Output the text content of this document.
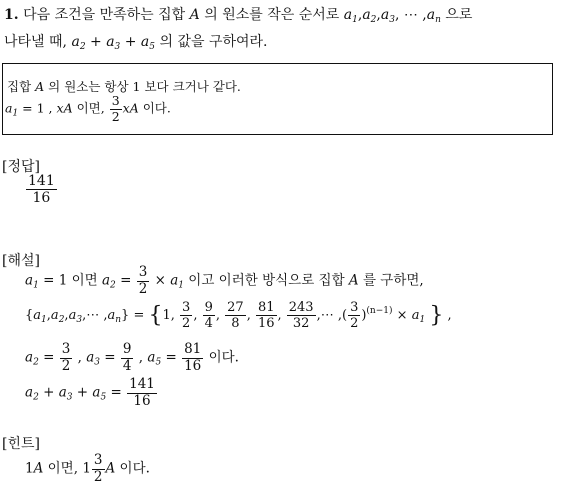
1. 다음 조건을 만족하는 집합 A 의 원소를 작은 순서로 $a_1,a_2,a_3$, ⋯ $,a_n$ 으로
나타낼 때, $a_2 + a_3 + a_5$ 의 값을 구하여라.
집합 A 의 원소는 항상 1 보다 크거나 같다.
$a_1 = 1$ , xA 이면, $\frac{3}{2}$ xA 이다.
[정답]
$\frac{141}{16}$
[해설]
$a_1 = 1$ 이면 $a_2 = \frac{3}{2} \times a_1$ 이고 이러한 방식으로 집합 A 를 구하면,
{$a_1,a_2,a_3,\cdots$ $,a_n\} = \{1$, $\frac{3}{2}$ , $\frac{9}{4}$ , $\frac{27}{8}$ , $\frac{81}{16}$ , $\frac{243}{32}$ ,⋯ ,( $\frac{3}{2} )^{(n-1)} \times a_1$ } ,
$a_2 = \frac{3}{2}$ , $a_3 = \frac{9}{4}$ , $a_5 = \frac{81}{16}$ 이다.
$a_2 + a_3 + a_5 = \frac{141}{16}$
[힌트]
1A 이면, $1 \frac{3}{2}$ A 이다.
